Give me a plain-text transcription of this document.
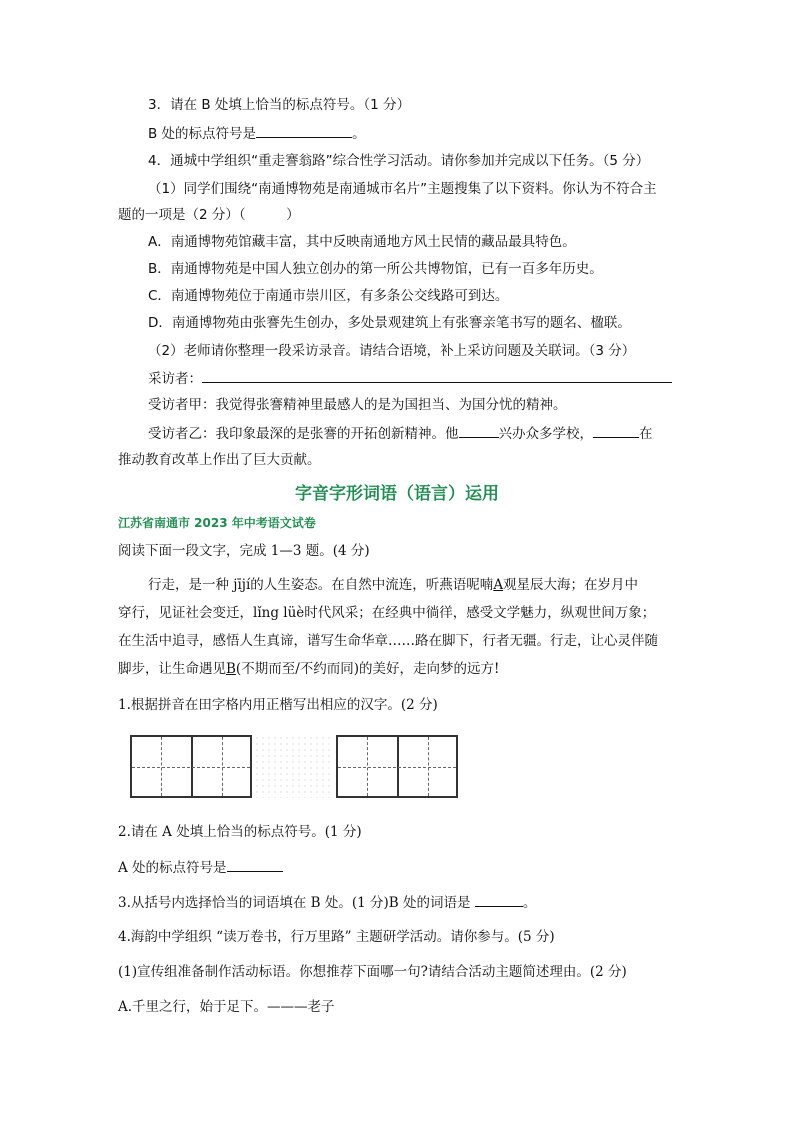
3．请在 B 处填上恰当的标点符号。（1 分）
B 处的标点符号是	。
4．通城中学组织“重走謇翁路”综合性学习活动。请你参加并完成以下任务。（5 分）
（1）同学们围绕“南通博物苑是南通城市名片”主题搜集了以下资料。你认为不符合主
题的一项是（2 分）（　　　）
A．南通博物苑馆藏丰富，其中反映南通地方风土民情的藏品最具特色。
B．南通博物苑是中国人独立创办的第一所公共博物馆，已有一百多年历史。
C．南通博物苑位于南通市崇川区，有多条公交线路可到达。
D．南通博物苑由张謇先生创办，多处景观建筑上有张謇亲笔书写的题名、楹联。
（2）老师请你整理一段采访录音。请结合语境，补上采访问题及关联词。（3 分）
采访者：
受访者甲：我觉得张謇精神里最感人的是为国担当、为国分忧的精神。
受访者乙：我印象最深的是张謇的开拓创新精神。他	兴办众多学校，	在
推动教育改革上作出了巨大贡献。
字音字形词语（语言）运用
江苏省南通市 2023 年中考语文试卷
阅读下面一段文字，完成 1—3 题。(4 分)
行走，是一种 jījí的人生姿态。在自然中流连，听燕语呢喃A观星辰大海；在岁月中
穿行，见证社会变迁，lǐng lüè时代风采；在经典中徜徉，感受文学魅力，纵观世间万象；
在生活中追寻，感悟人生真谛，谱写生命华章……路在脚下，行者无疆。行走，让心灵伴随
脚步，让生命遇见B(不期而至/不约而同)的美好，走向梦的远方!
1.根据拼音在田字格内用正楷写出相应的汉字。(2 分)
2.请在 A 处填上恰当的标点符号。(1 分)
A 处的标点符号是
3.从括号内选择恰当的词语填在 B 处。(1 分)B 处的词语是	。
4.海韵中学组织 “读万卷书，行万里路” 主题研学活动。请你参与。(5 分)
(1)宣传组准备制作活动标语。你想推荐下面哪一句?请结合活动主题简述理由。(2 分)
A.千里之行，始于足下。———老子
